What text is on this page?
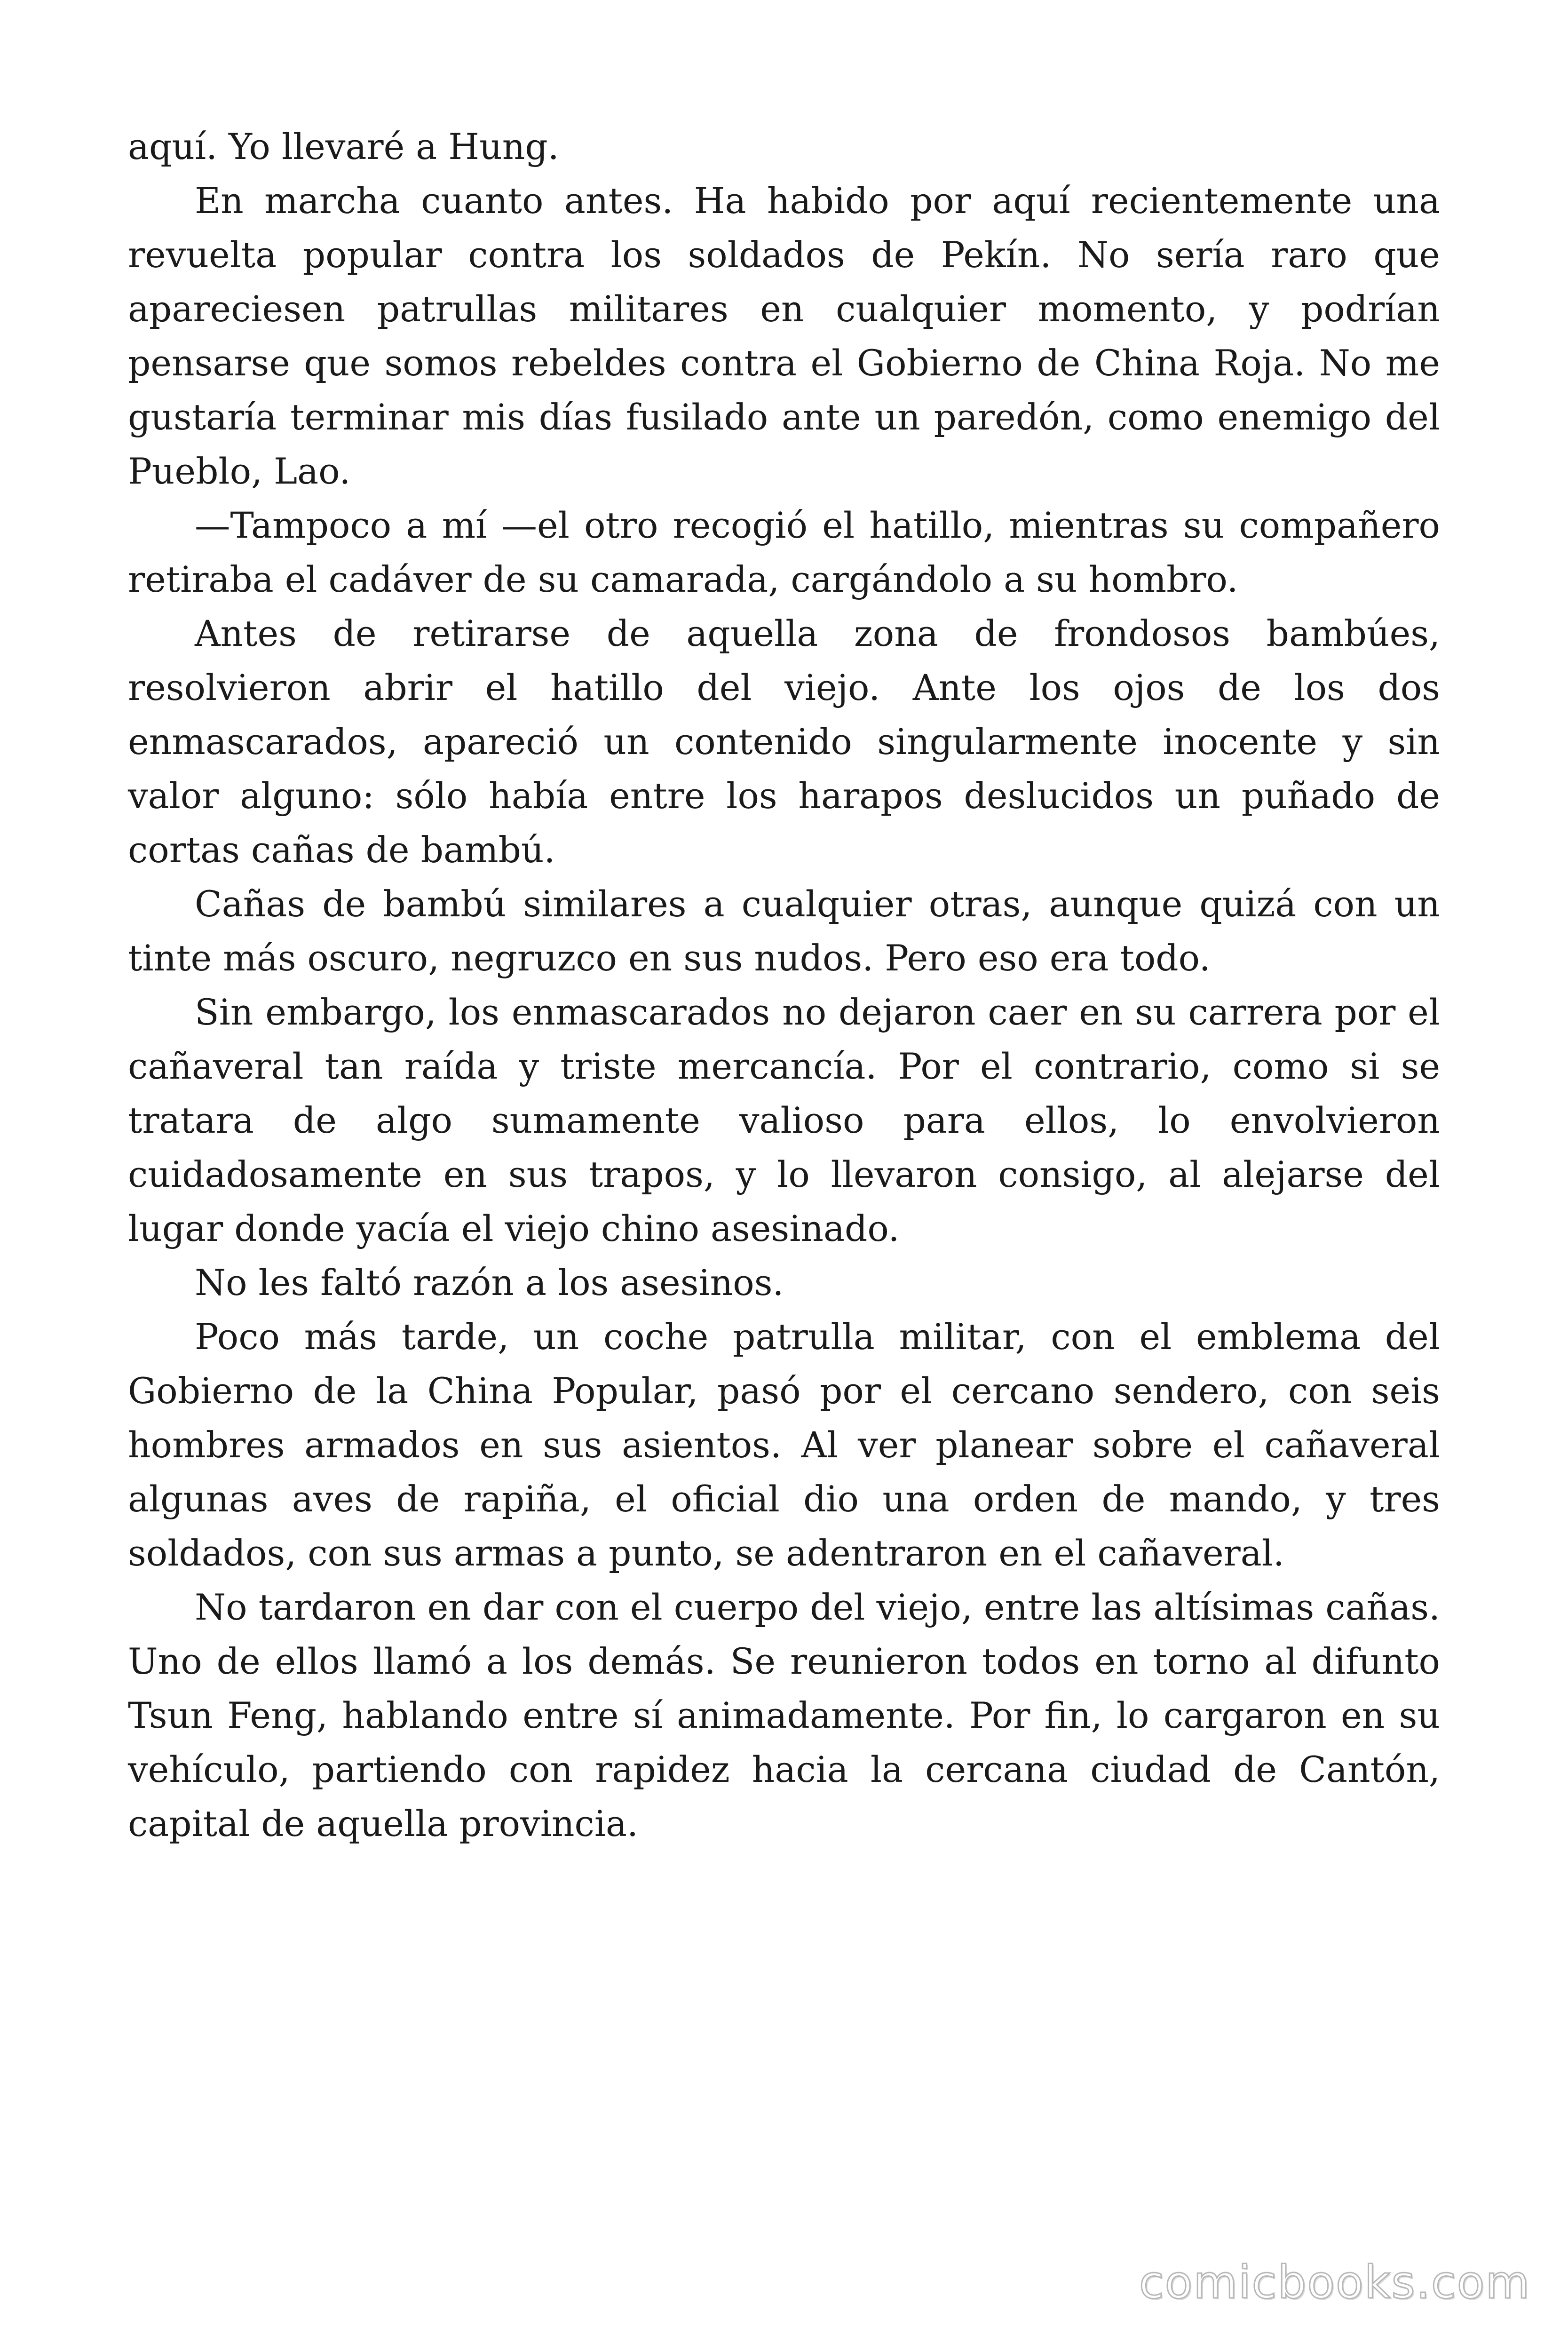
aquí. Yo llevaré a Hung.

En marcha cuanto antes. Ha habido por aquí recientemente una revuelta popular contra los soldados de Pekín. No sería raro que apareciesen patrullas militares en cualquier momento, y podrían pensarse que somos rebeldes contra el Gobierno de China Roja. No me gustaría terminar mis días fusilado ante un paredón, como enemigo del Pueblo, Lao.

—Tampoco a mí —el otro recogió el hatillo, mientras su compañero retiraba el cadáver de su camarada, cargándolo a su hombro.

Antes de retirarse de aquella zona de frondosos bambúes, resolvieron abrir el hatillo del viejo. Ante los ojos de los dos enmascarados, apareció un contenido singularmente inocente y sin valor alguno: sólo había entre los harapos deslucidos un puñado de cortas cañas de bambú.

Cañas de bambú similares a cualquier otras, aunque quizá con un tinte más oscuro, negruzco en sus nudos. Pero eso era todo.

Sin embargo, los enmascarados no dejaron caer en su carrera por el cañaveral tan raída y triste mercancía. Por el contrario, como si se tratara de algo sumamente valioso para ellos, lo envolvieron cuidadosamente en sus trapos, y lo llevaron consigo, al alejarse del lugar donde yacía el viejo chino asesinado.

No les faltó razón a los asesinos.

Poco más tarde, un coche patrulla militar, con el emblema del Gobierno de la China Popular, pasó por el cercano sendero, con seis hombres armados en sus asientos. Al ver planear sobre el cañaveral algunas aves de rapiña, el oficial dio una orden de mando, y tres soldados, con sus armas a punto, se adentraron en el cañaveral.

No tardaron en dar con el cuerpo del viejo, entre las altísimas cañas. Uno de ellos llamó a los demás. Se reunieron todos en torno al difunto Tsun Feng, hablando entre sí animadamente. Por fin, lo cargaron en su vehículo, partiendo con rapidez hacia la cercana ciudad de Cantón, capital de aquella provincia.

comicbooks.com
